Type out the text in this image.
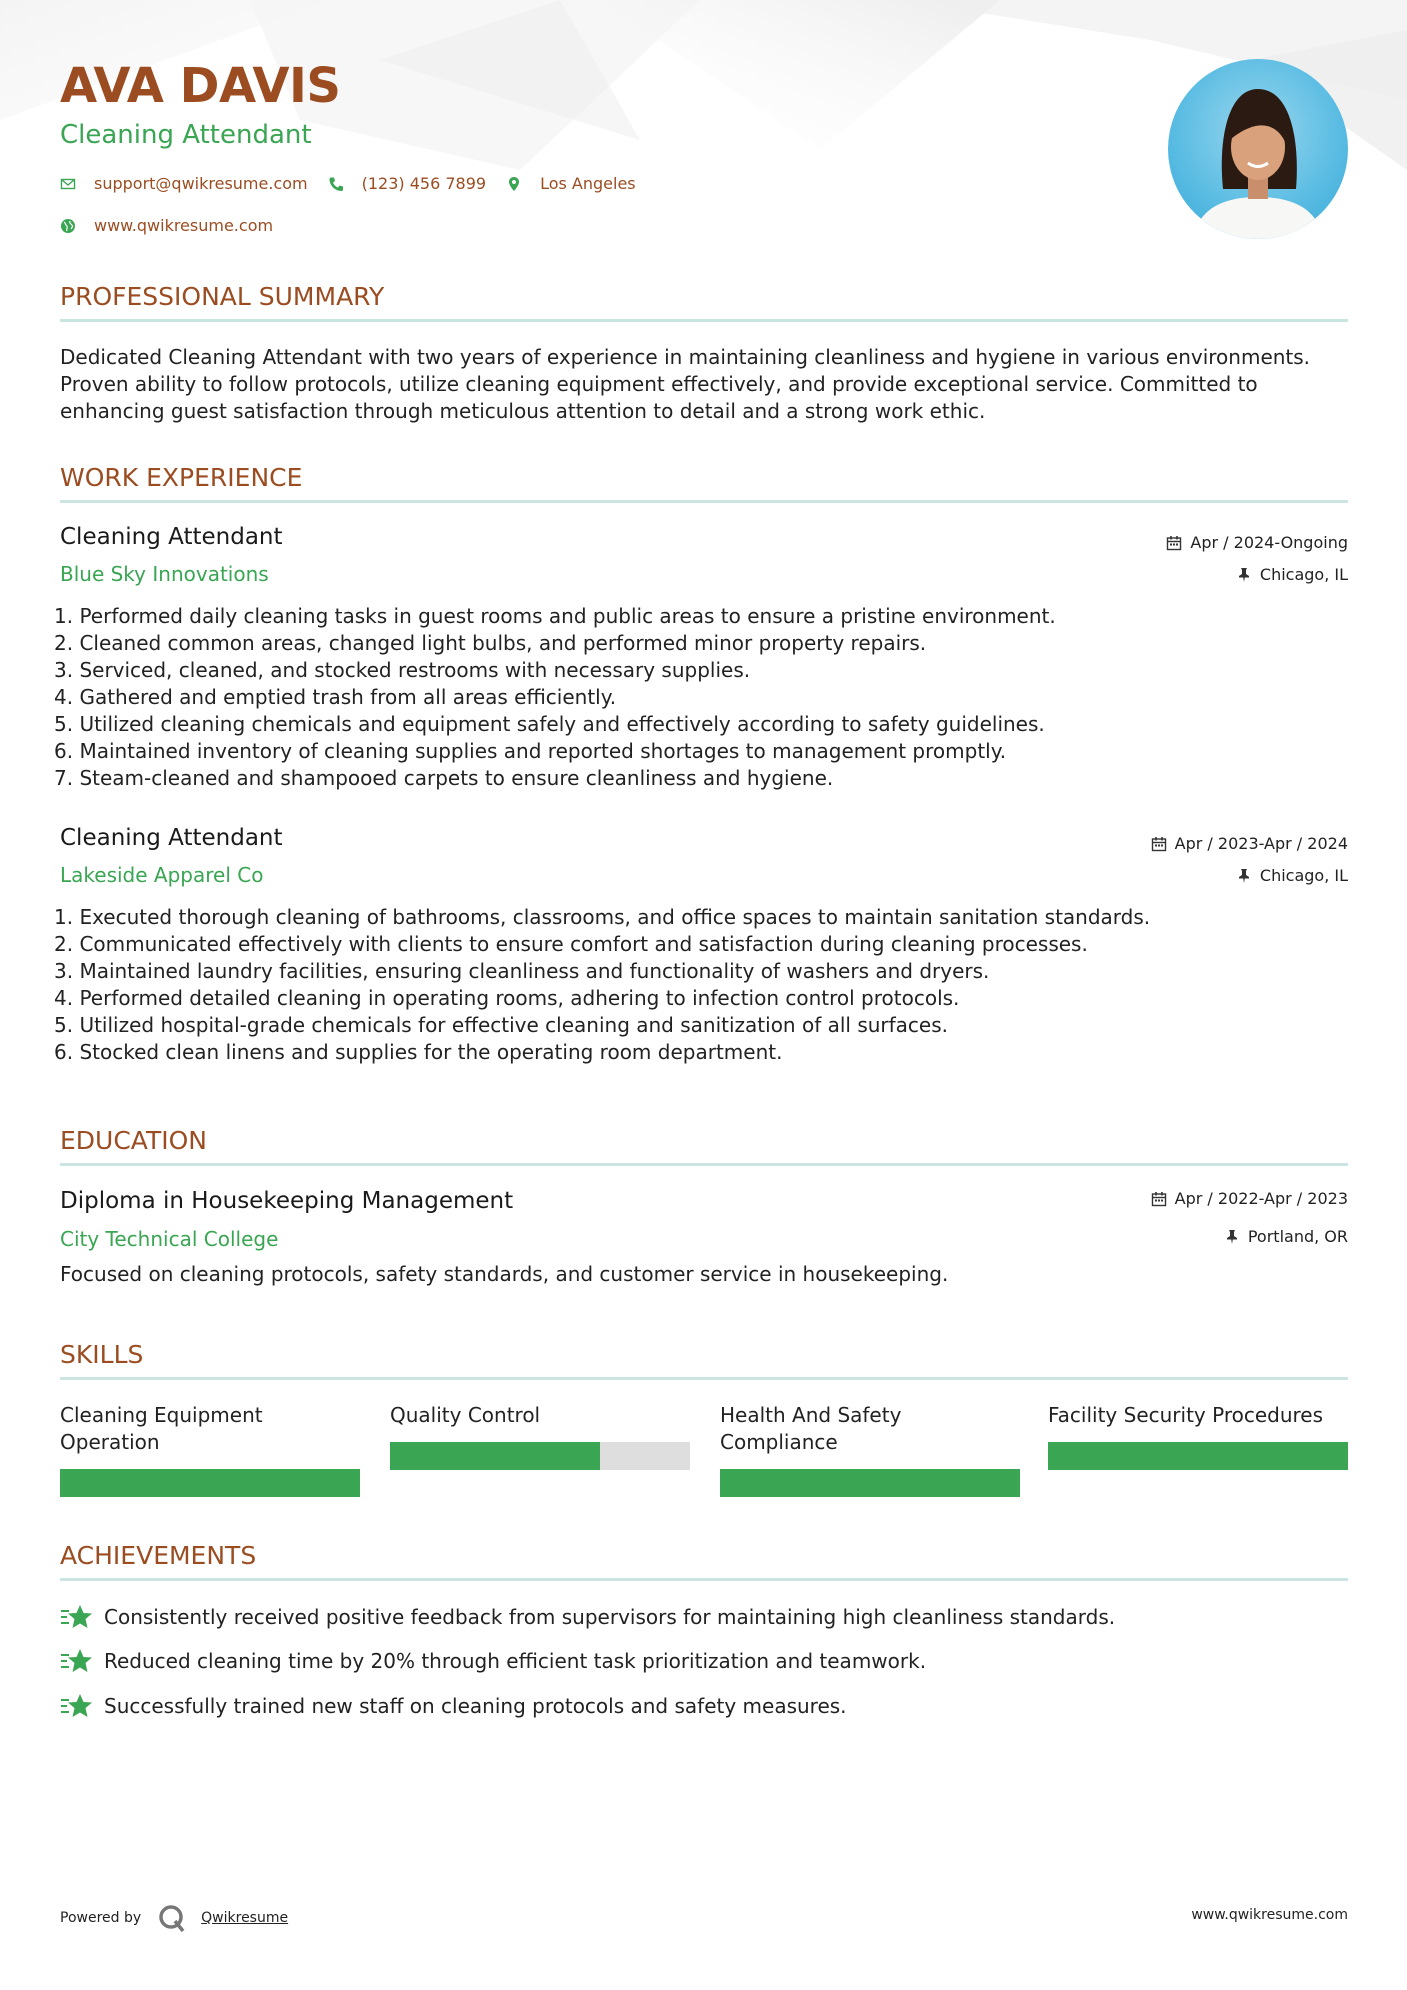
AVA DAVIS
Cleaning Attendant
support@qwikresume.com	(123) 456 7899	Los Angeles
www.qwikresume.com
PROFESSIONAL SUMMARY
Dedicated Cleaning Attendant with two years of experience in maintaining cleanliness and hygiene in various environments. Proven ability to follow protocols, utilize cleaning equipment effectively, and provide exceptional service. Committed to enhancing guest satisfaction through meticulous attention to detail and a strong work ethic.
WORK EXPERIENCE
Cleaning Attendant
Blue Sky Innovations
Apr / 2024-Ongoing
Chicago, IL
1. Performed daily cleaning tasks in guest rooms and public areas to ensure a pristine environment.
2. Cleaned common areas, changed light bulbs, and performed minor property repairs.
3. Serviced, cleaned, and stocked restrooms with necessary supplies.
4. Gathered and emptied trash from all areas efficiently.
5. Utilized cleaning chemicals and equipment safely and effectively according to safety guidelines.
6. Maintained inventory of cleaning supplies and reported shortages to management promptly.
7. Steam-cleaned and shampooed carpets to ensure cleanliness and hygiene.
Cleaning Attendant
Lakeside Apparel Co
Apr / 2023-Apr / 2024
Chicago, IL
1. Executed thorough cleaning of bathrooms, classrooms, and office spaces to maintain sanitation standards.
2. Communicated effectively with clients to ensure comfort and satisfaction during cleaning processes.
3. Maintained laundry facilities, ensuring cleanliness and functionality of washers and dryers.
4. Performed detailed cleaning in operating rooms, adhering to infection control protocols.
5. Utilized hospital-grade chemicals for effective cleaning and sanitization of all surfaces.
6. Stocked clean linens and supplies for the operating room department.
EDUCATION
Diploma in Housekeeping Management
City Technical College
Apr / 2022-Apr / 2023
Portland, OR
Focused on cleaning protocols, safety standards, and customer service in housekeeping.
SKILLS
Cleaning Equipment Operation
Quality Control	Health And Safety Compliance
Facility Security Procedures
ACHIEVEMENTS
Consistently received positive feedback from supervisors for maintaining high cleanliness standards.
Reduced cleaning time by 20% through efficient task prioritization and teamwork.
Successfully trained new staff on cleaning protocols and safety measures.
Powered by	Qwikresume	www.qwikresume.com
